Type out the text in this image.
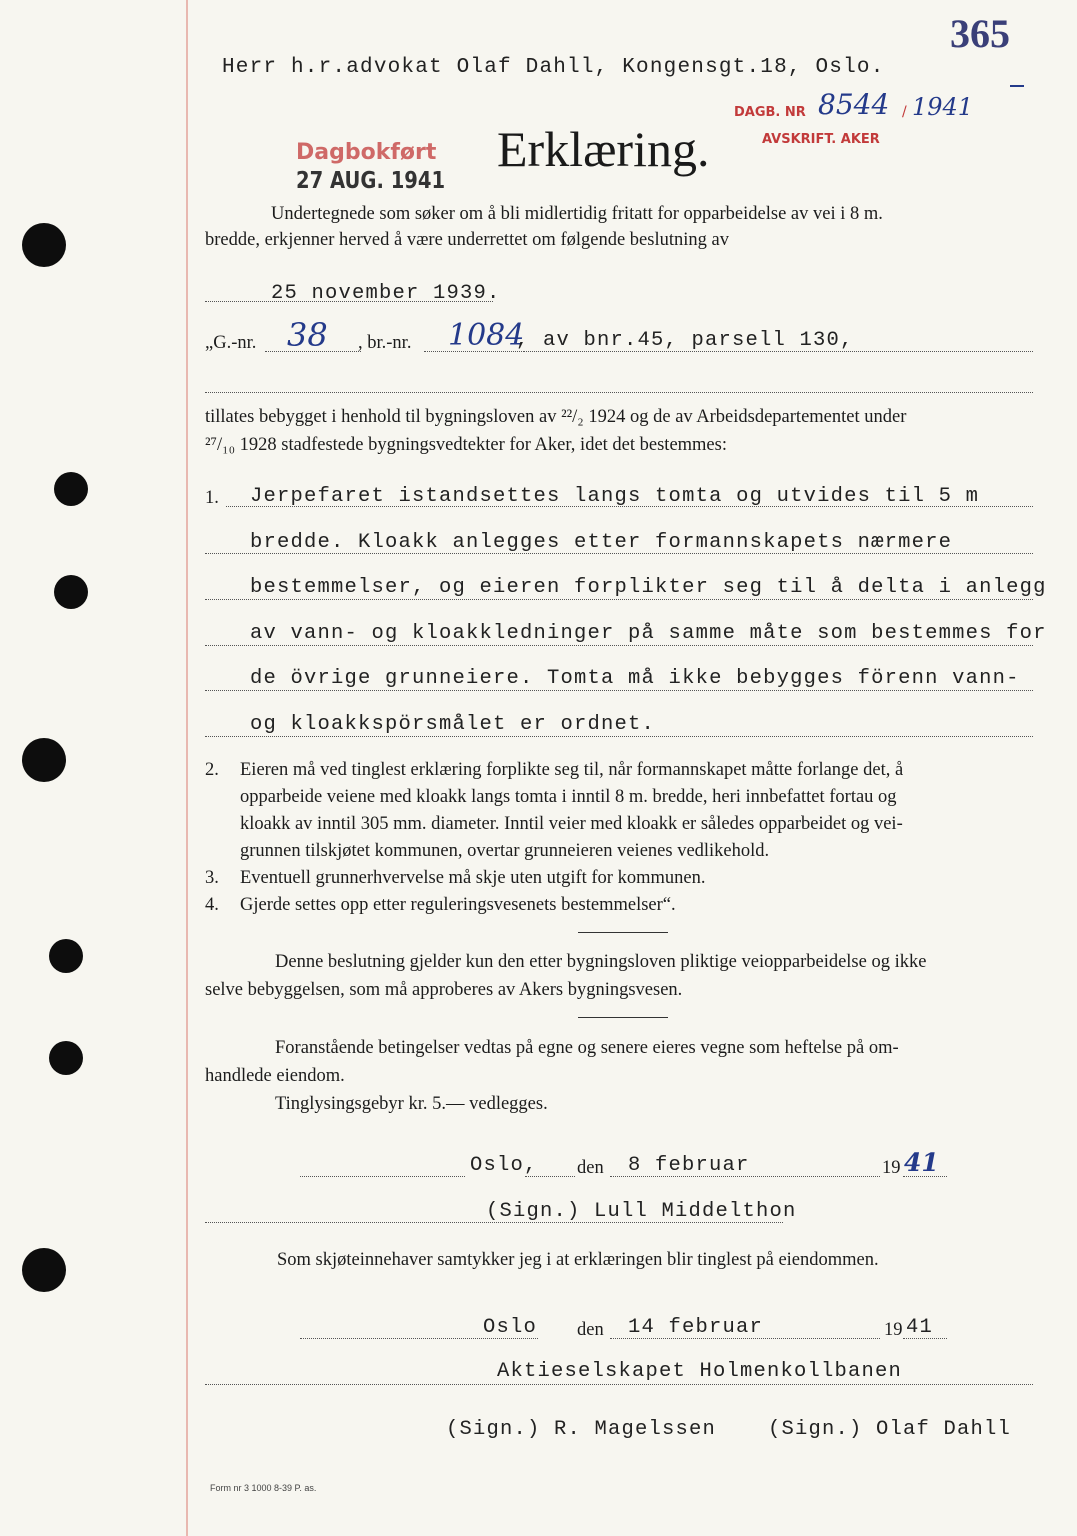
Herr h.r.advokat Olaf Dahll, Kongensgt.18, Oslo.
365
DAGB. NR 8544 / 1941
AVSKRIFT. AKER
Dagbokført
27 AUG. 1941
Erklæring.
Undertegnede som søker om å bli midlertidig fritatt for opparbeidelse av vei i 8 m.
bredde, erkjenner herved å være underrettet om følgende beslutning av
25 november 1939.
„G.-nr. 38 , br.-nr. 1084
, av bnr.45, parsell 130,
tillates bebygget i henhold til bygningsloven av ²²/₂ 1924 og de av Arbeidsdepartementet under
²⁷/₁₀ 1928 stadfestede bygningsvedtekter for Aker, idet det bestemmes:
1. Jerpefaret istandsettes langs tomta og utvides til 5 m
bredde. Kloakk anlegges etter formannskapets nærmere
bestemmelser, og eieren forplikter seg til å delta i anlegg
av vann- og kloakkledninger på samme måte som bestemmes for
de övrige grunneiere. Tomta må ikke bebygges förenn vann-
og kloakkspörsmålet er ordnet.
2. Eieren må ved tinglest erklæring forplikte seg til, når formannskapet måtte forlange det, å
opparbeide veiene med kloakk langs tomta i inntil 8 m. bredde, heri innbefattet fortau og
kloakk av inntil 305 mm. diameter. Inntil veier med kloakk er således opparbeidet og vei-
grunnen tilskjøtet kommunen, overtar grunneieren veienes vedlikehold.
3. Eventuell grunnerhvervelse må skje uten utgift for kommunen.
4. Gjerde settes opp etter reguleringsvesenets bestemmelser“.
Denne beslutning gjelder kun den etter bygningsloven pliktige veiopparbeidelse og ikke
selve bebyggelsen, som må approberes av Akers bygningsvesen.
Foranstående betingelser vedtas på egne og senere eieres vegne som heftelse på om-
handlede eiendom.
Tinglysingsgebyr kr. 5.— vedlegges.
Oslo, den 8 februar	19 41
(Sign.) Lull Middelthon
Som skjøteinnehaver samtykker jeg i at erklæringen blir tinglest på eiendommen.
Oslo den 14 februar	19 41
Aktieselskapet Holmenkollbanen
(Sign.) R. Magelssen	(Sign.) Olaf Dahll
Form nr 3 1000 8-39 P. as.
